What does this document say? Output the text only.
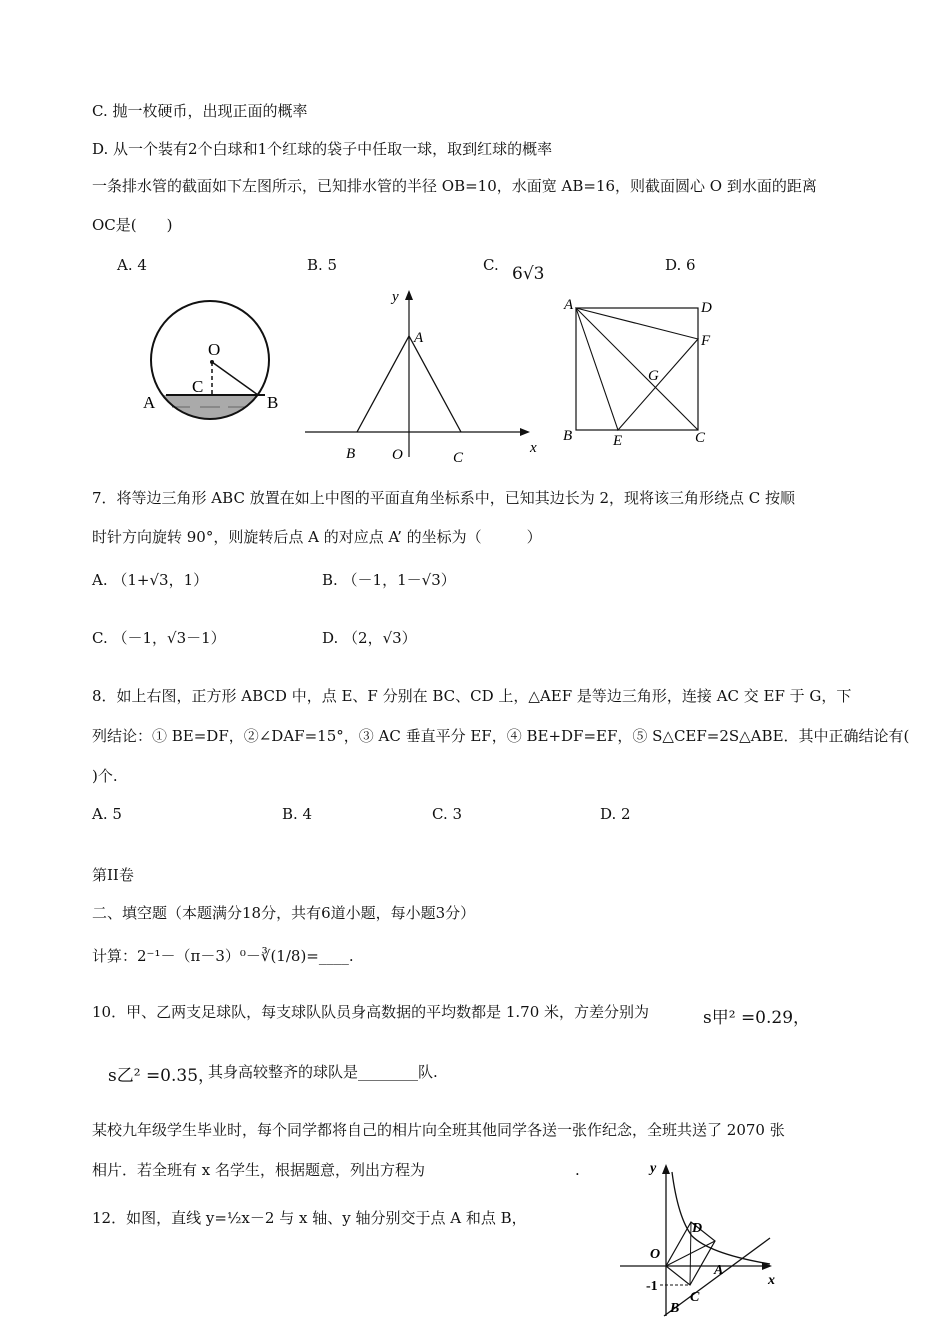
C. 抛一枚硬币，出现正面的概率
D. 从一个装有2个白球和1个红球的袋子中任取一球，取到红球的概率
一条排水管的截面如下左图所示，已知排水管的半径 OB=10，水面宽 AB=16，则截面圆心 O 到水面的距离
OC是(　　)
A. 4	B. 5	C. 6√3	D. 6
O
C
A	B
y
A
B O	C
x
A	D
F
G
B	E	C
7．将等边三角形 ABC 放置在如上中图的平面直角坐标系中，已知其边长为 2，现将该三角形绕点 C 按顺
时针方向旋转 90°，则旋转后点 A 的对应点 A’ 的坐标为（　　　）
A. （1+√3，1）	B. （－1，1－√3）
C. （－1，√3－1）	D. （2，√3）
8．如上右图，正方形 ABCD 中，点 E、F 分别在 BC、CD 上，△AEF 是等边三角形，连接 AC 交 EF 于 G，下
列结论：① BE=DF，②∠DAF=15°，③ AC 垂直平分 EF，④ BE+DF=EF，⑤ S△CEF=2S△ABE．其中正确结论有(
)个.
A. 5	B. 4	C. 3	D. 2
第II卷
二、填空题（本题满分18分，共有6道小题，每小题3分）
计算：2⁻¹－（π－3）⁰－∛(1/8)=____.
10．甲、乙两支足球队，每支球队队员身高数据的平均数都是 1.70 米，方差分别为	s甲² =0.29，
s乙² =0.35，
其身高较整齐的球队是________队.
某校九年级学生毕业时，每个同学都将自己的相片向全班其他同学各送一张作纪念，全班共送了 2070 张
相片．若全班有 x 名学生，根据题意，列出方程为　　　　　　　　　　.
12．如图，直线 y=½x－2 与 x 轴、y 轴分别交于点 A 和点 B，
y
D
O
-1
C
A
x
B
